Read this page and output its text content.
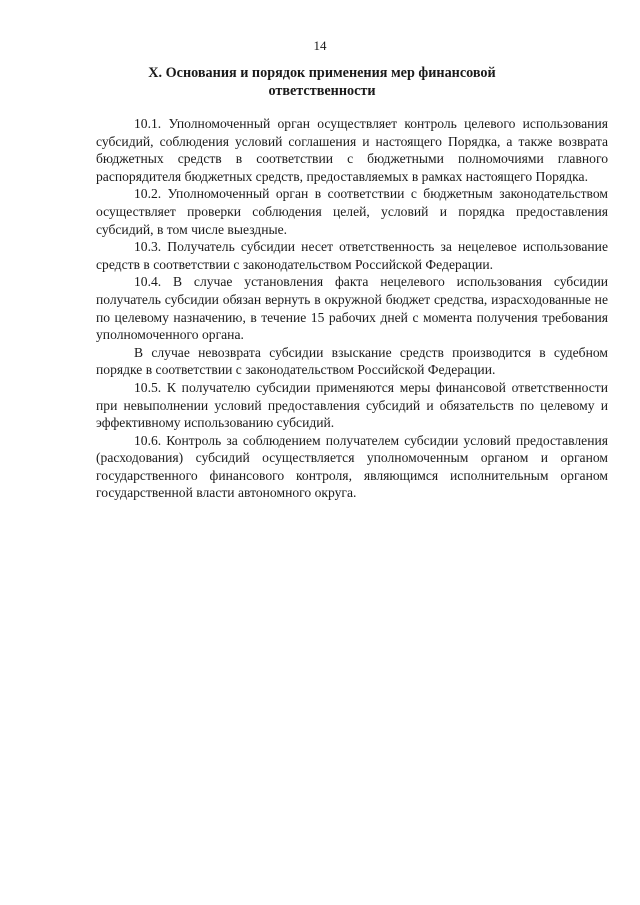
14
X. Основания и порядок применения мер финансовой
ответственности

10.1. Уполномоченный орган осуществляет контроль целевого использования субсидий, соблюдения условий соглашения и настоящего Порядка, а также возврата бюджетных средств в соответствии с бюджетными полномочиями главного распорядителя бюджетных средств, предоставляемых в рамках настоящего Порядка.

10.2. Уполномоченный орган в соответствии с бюджетным законодательством осуществляет проверки соблюдения целей, условий и порядка предоставления субсидий, в том числе выездные.

10.3. Получатель субсидии несет ответственность за нецелевое использование средств в соответствии с законодательством Российской Федерации.

10.4. В случае установления факта нецелевого использования субсидии получатель субсидии обязан вернуть в окружной бюджет средства, израсходованные не по целевому назначению, в течение 15 рабочих дней с момента получения требования уполномоченного органа.

В случае невозврата субсидии взыскание средств производится в судебном порядке в соответствии с законодательством Российской Федерации.

10.5. К получателю субсидии применяются меры финансовой ответственности при невыполнении условий предоставления субсидий и обязательств по целевому и эффективному использованию субсидий.

10.6. Контроль за соблюдением получателем субсидии условий предоставления (расходования) субсидий осуществляется уполномоченным органом и органом государственного финансового контроля, являющимся исполнительным органом государственной власти автономного округа.
